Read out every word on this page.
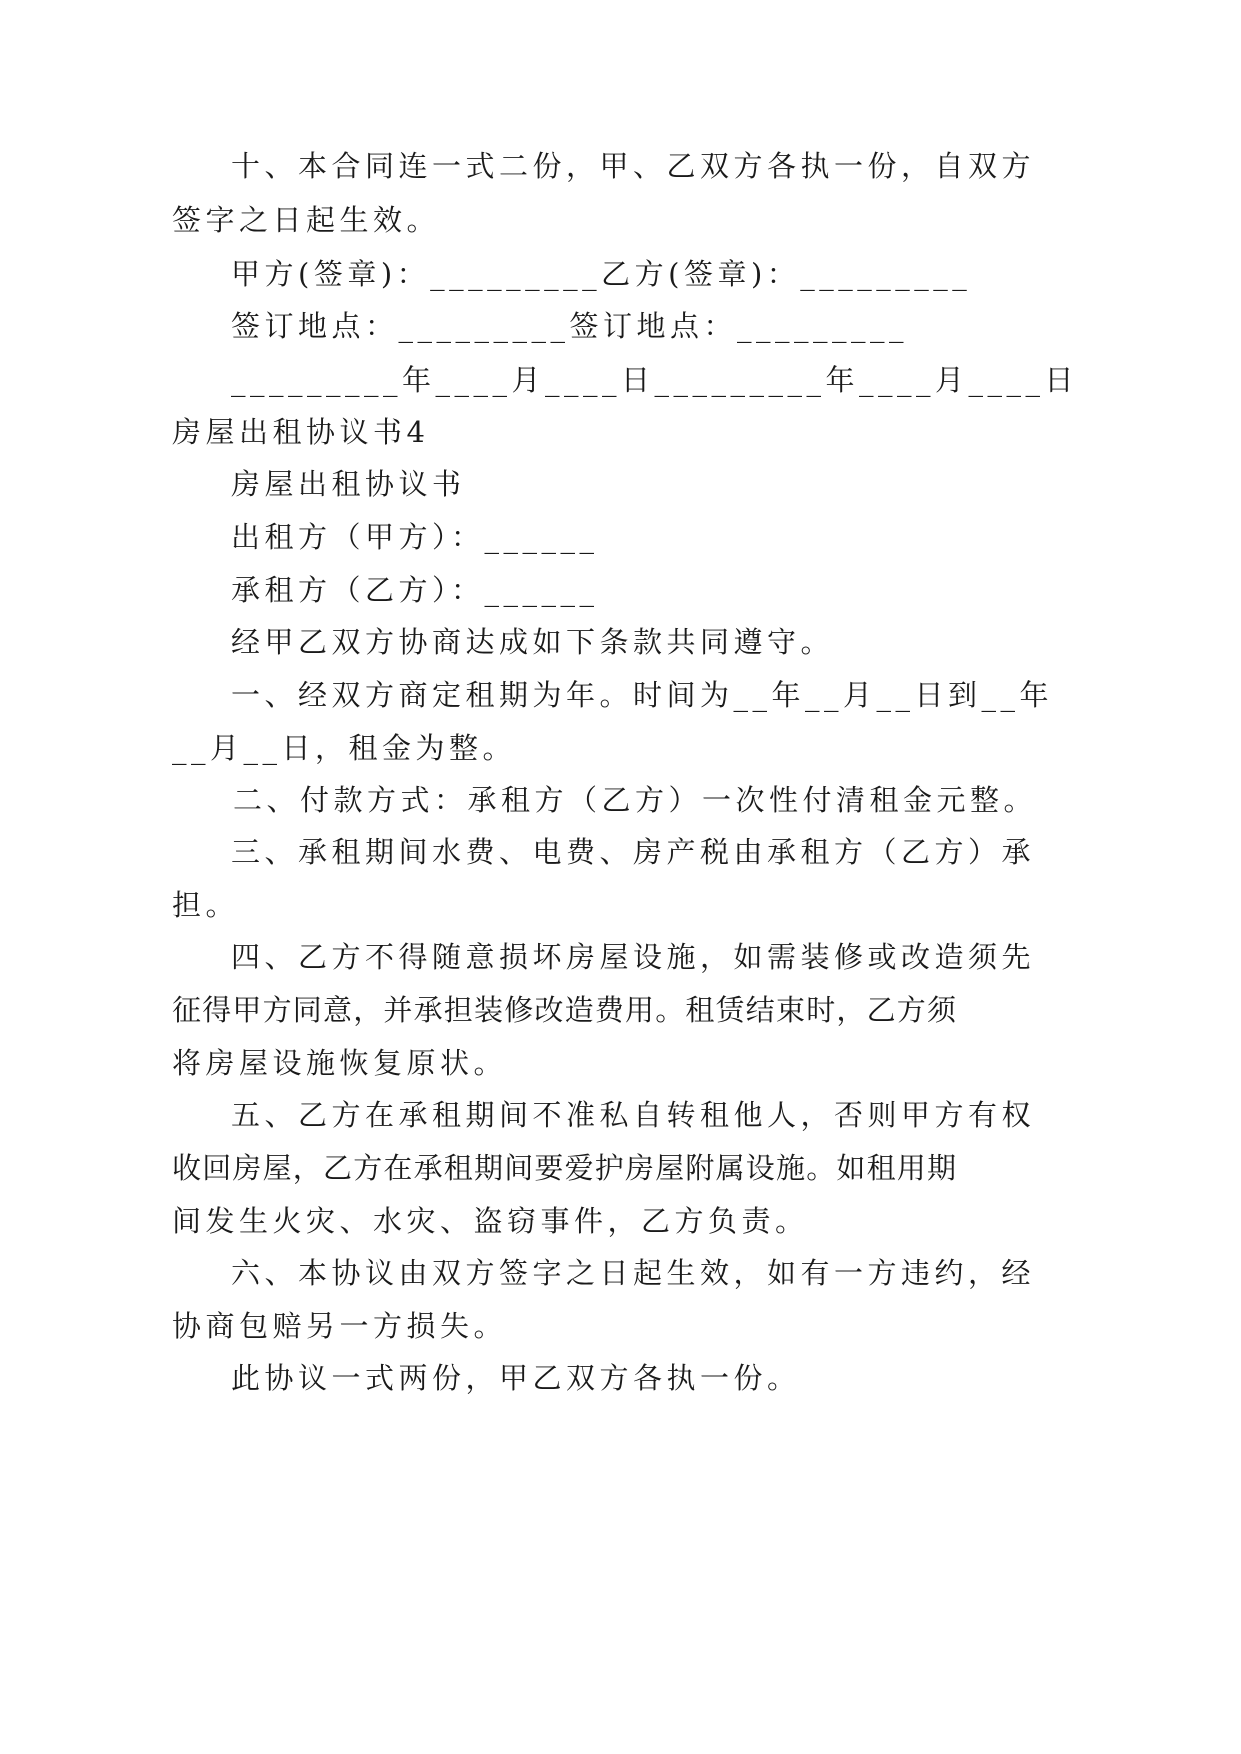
十、本合同连一式二份，甲、乙双方各执一份，自双方
签字之日起生效。
甲方(签章)：_________乙方(签章)：_________
签订地点：_________签订地点：_________
_________年____月____日_________年____月____日
房屋出租协议书4
房屋出租协议书
出租方（甲方）：______
承租方（乙方）：______
经甲乙双方协商达成如下条款共同遵守。
一、经双方商定租期为年。时间为__年__月__日到__年
__月__日，租金为整。
二、付款方式：承租方（乙方）一次性付清租金元整。
三、承租期间水费、电费、房产税由承租方（乙方）承
担。
四、乙方不得随意损坏房屋设施，如需装修或改造须先
征得甲方同意，并承担装修改造费用。租赁结束时，乙方须
将房屋设施恢复原状。
五、乙方在承租期间不准私自转租他人，否则甲方有权
收回房屋，乙方在承租期间要爱护房屋附属设施。如租用期
间发生火灾、水灾、盗窃事件，乙方负责。
六、本协议由双方签字之日起生效，如有一方违约，经
协商包赔另一方损失。
此协议一式两份，甲乙双方各执一份。
